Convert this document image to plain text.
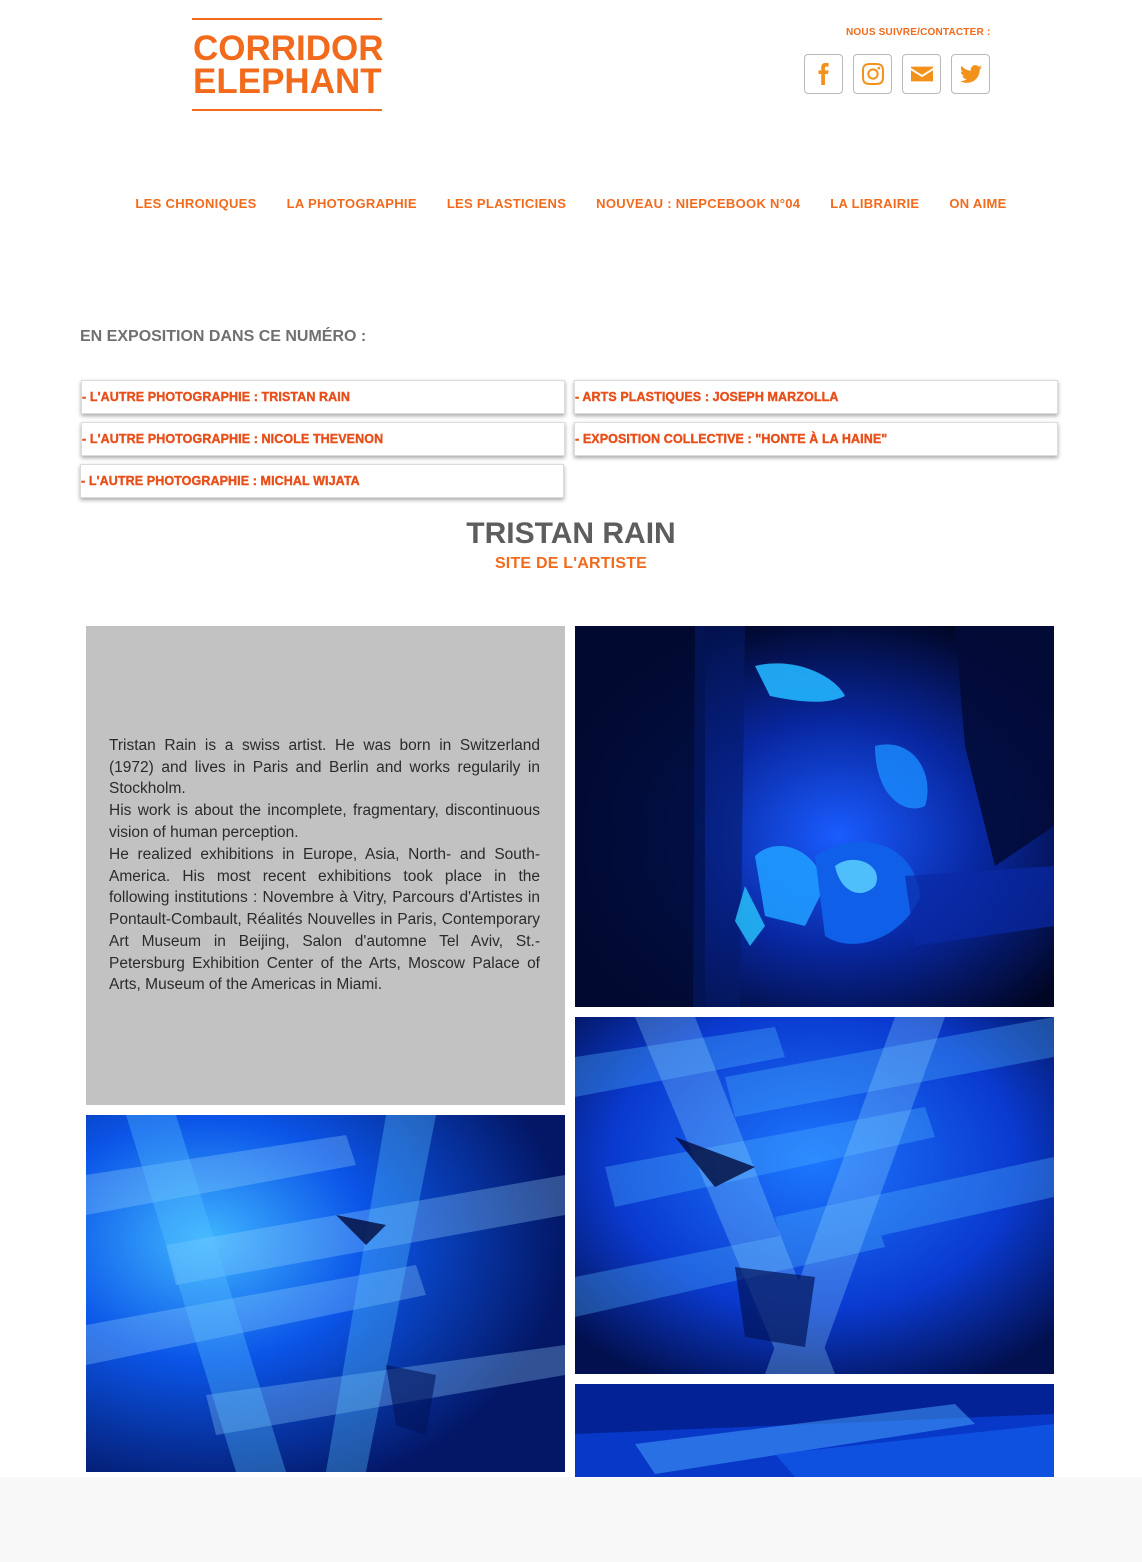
CORRIDOR
ELEPHANT
NOUS SUIVRE/CONTACTER :
LES CHRONIQUES	LA PHOTOGRAPHIE	LES PLASTICIENS	NOUVEAU : NIEPCEBOOK N°04	LA LIBRAIRIE	ON AIME
EN EXPOSITION DANS CE NUMÉRO :
- L'AUTRE PHOTOGRAPHIE : TRISTAN RAIN	- ARTS PLASTIQUES : JOSEPH MARZOLLA
- L'AUTRE PHOTOGRAPHIE : NICOLE THEVENON	- EXPOSITION COLLECTIVE : "HONTE À LA HAINE"
- L'AUTRE PHOTOGRAPHIE : MICHAL WIJATA
TRISTAN RAIN
SITE DE L'ARTISTE

Tristan Rain is a swiss artist. He was born in Switzerland (1972) and lives in Paris and Berlin and works regularily in Stockholm.

His work is about the incomplete, fragmentary, discontinuous vision of human perception.

He realized exhibitions in Europe, Asia, North- and South-America. His most recent exhibitions took place in the following institutions : Novembre à Vitry, Parcours d'Artistes in Pontault-Combault, Réalités Nouvelles in Paris, Contemporary Art Museum in Beijing, Salon d'automne Tel Aviv, St.-Petersburg Exhibition Center of the Arts, Moscow Palace of Arts, Museum of the Americas in Miami.
